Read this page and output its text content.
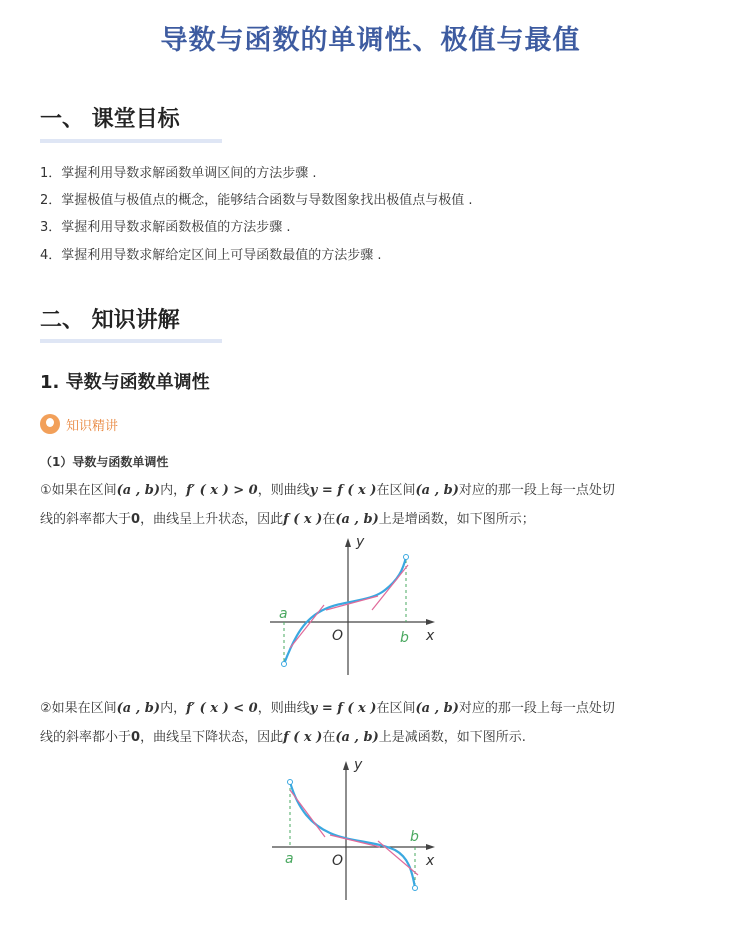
导数与函数的单调性、极值与最值
一、 课堂目标
1．掌握利用导数求解函数单调区间的方法步骤 .
2．掌握极值与极值点的概念，能够结合函数与导数图象找出极值点与极值 .
3．掌握利用导数求解函数极值的方法步骤 .
4．掌握利用导数求解给定区间上可导函数最值的方法步骤 .
二、 知识讲解
1. 导数与函数单调性
知识精讲
（1）导数与函数单调性
①如果在区间(a , b)内，f′ ( x ) > 0，则曲线y = f ( x )在区间(a , b)对应的那一段上每一点处切
线的斜率都大于0，曲线呈上升状态，因此f ( x )在(a , b)上是增函数，如下图所示；
y
x
O
a
b
②如果在区间(a , b)内，f′ ( x ) < 0，则曲线y = f ( x )在区间(a , b)对应的那一段上每一点处切
线的斜率都小于0，曲线呈下降状态，因此f ( x )在(a , b)上是减函数，如下图所示.
y
x
O
a
b
